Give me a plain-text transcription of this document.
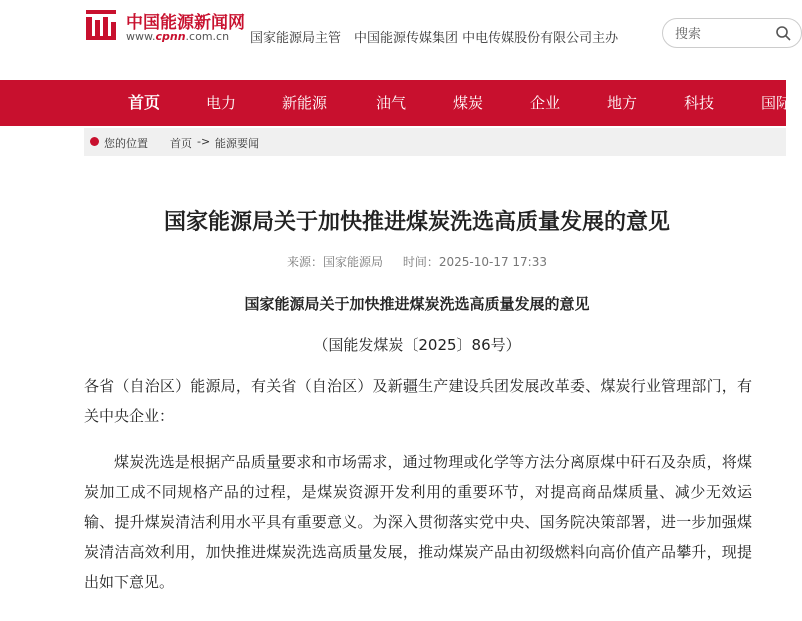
中国能源新闻网
www.cpnn.com.cn 国家能源局主管　中国能源传媒集团 中电传媒股份有限公司主办
搜索
首页	电力	新能源	油气	煤炭	企业	地方	科技	国际
您的位置 首页 -> 能源要闻
国家能源局关于加快推进煤炭洗选高质量发展的意见
来源：国家能源局 时间：2025-10-17 17:33
国家能源局关于加快推进煤炭洗选高质量发展的意见
（国能发煤炭〔2025〕86号）
各省（自治区）能源局，有关省（自治区）及新疆生产建设兵团发展改革委、煤炭行业管理部门，有关中央企业：
煤炭洗选是根据产品质量要求和市场需求，通过物理或化学等方法分离原煤中矸石及杂质，将煤炭加工成不同规格产品的过程，是煤炭资源开发利用的重要环节，对提高商品煤质量、减少无效运输、提升煤炭清洁利用水平具有重要意义。为深入贯彻落实党中央、国务院决策部署，进一步加强煤炭清洁高效利用，加快推进煤炭洗选高质量发展，推动煤炭产品由初级燃料向高价值产品攀升，现提出如下意见。
